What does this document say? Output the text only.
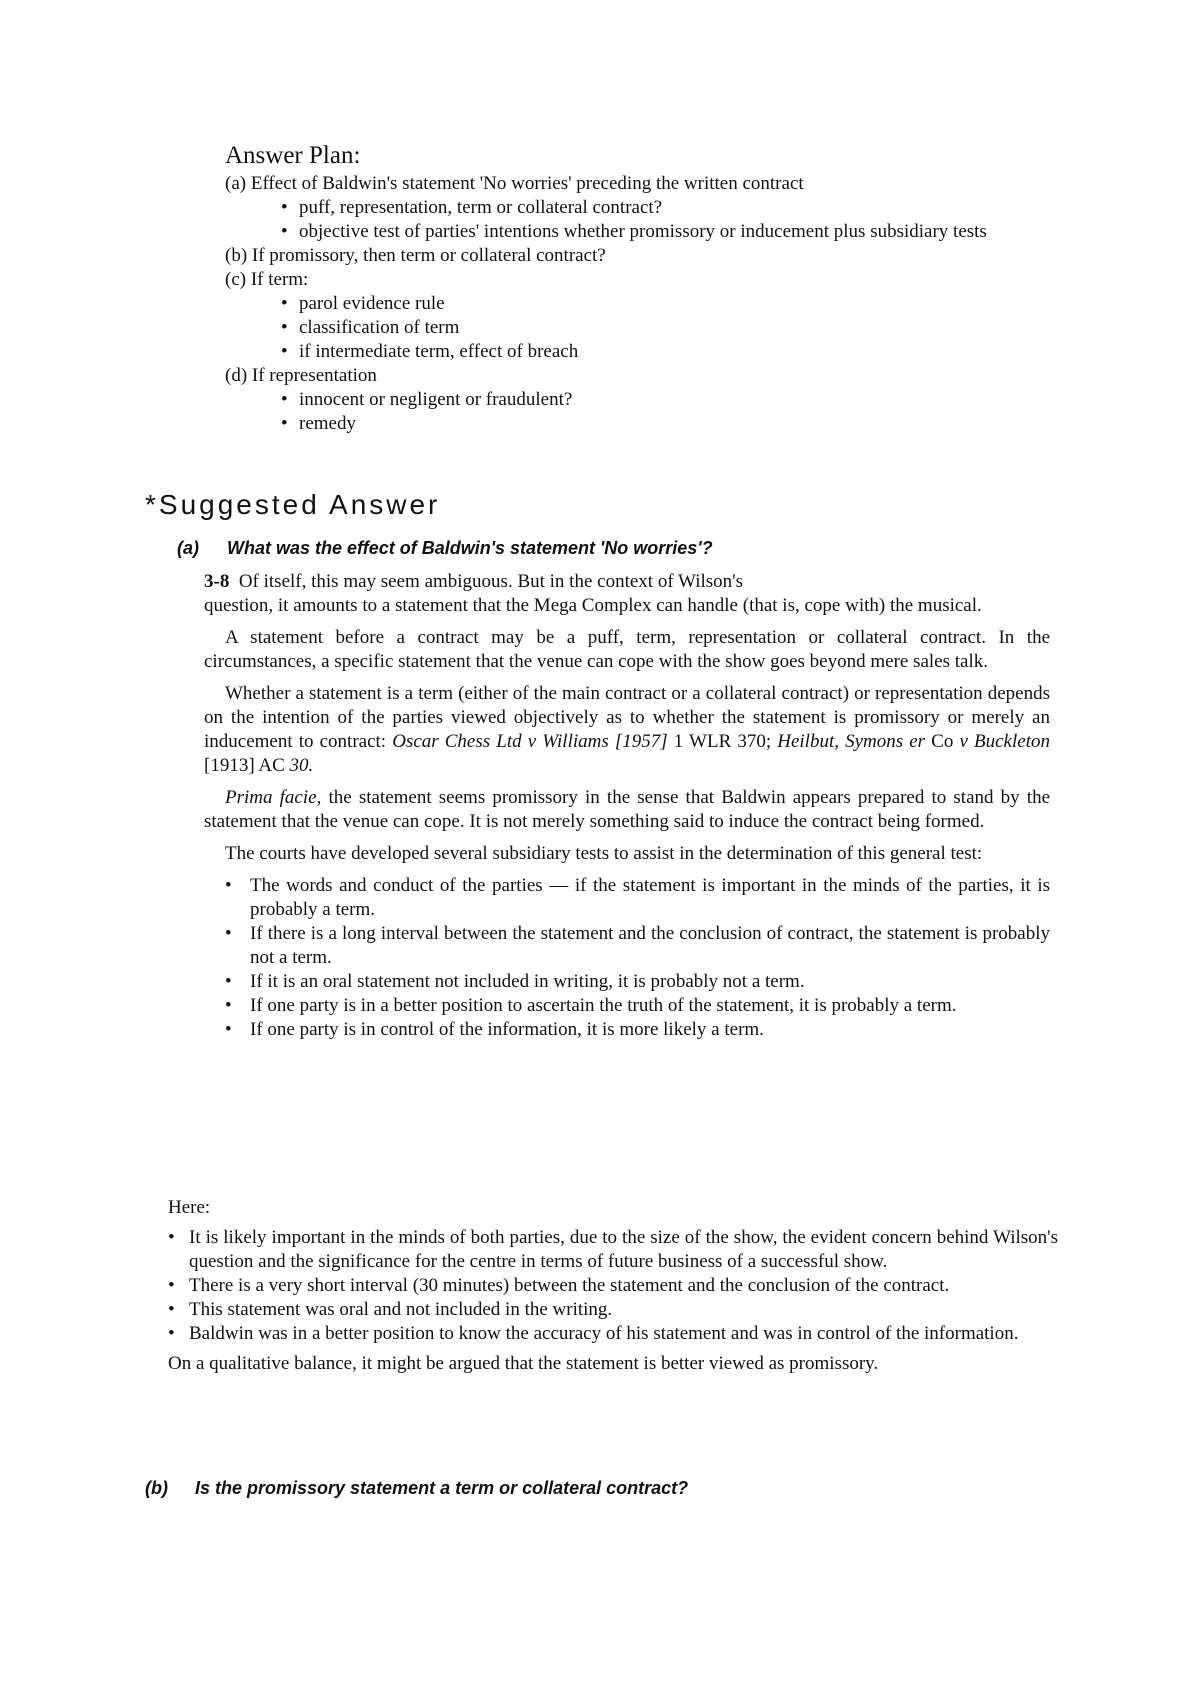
Answer Plan:
(a) Effect of Baldwin's statement 'No worries' preceding the written contract
• puff, representation, term or collateral contract?
• objective test of parties' intentions whether promissory or inducement plus subsidiary tests
(b) If promissory, then term or collateral contract?
(c) If term:
• parol evidence rule
• classification of term
• if intermediate term, effect of breach
(d) If representation
• innocent or negligent or fraudulent?
• remedy
*Suggested Answer
(a) What was the effect of Baldwin's statement 'No worries'?

3-8 Of itself, this may seem ambiguous. But in the context of Wilson's
question, it amounts to a statement that the Mega Complex can handle (that is, cope with) the musical.

A statement before a contract may be a puff, term, representation or collateral contract. In the circumstances, a specific statement that the venue can cope with the show goes beyond mere sales talk.

Whether a statement is a term (either of the main contract or a collateral contract) or representation depends on the intention of the parties viewed objectively as to whether the statement is promissory or merely an inducement to contract: Oscar Chess Ltd v Williams [1957] 1 WLR 370; Heilbut, Symons er Co v Buckleton [1913] AC 30.

Prima facie, the statement seems promissory in the sense that Baldwin appears prepared to stand by the statement that the venue can cope. It is not merely something said to induce the contract being formed.

The courts have developed several subsidiary tests to assist in the determination of this general test:

• The words and conduct of the parties — if the statement is important in the minds of the parties, it is probably a term.
• If there is a long interval between the statement and the conclusion of contract, the statement is probably not a term.
• If it is an oral statement not included in writing, it is probably not a term.
• If one party is in a better position to ascertain the truth of the statement, it is probably a term.
• If one party is in control of the information, it is more likely a term.

Here:

• It is likely important in the minds of both parties, due to the size of the show, the evident concern behind Wilson's question and the significance for the centre in terms of future business of a successful show.
• There is a very short interval (30 minutes) between the statement and the conclusion of the contract.
• This statement was oral and not included in the writing.
• Baldwin was in a better position to know the accuracy of his statement and was in control of the information.

On a qualitative balance, it might be argued that the statement is better viewed as promissory.

(b) Is the promissory statement a term or collateral contract?
